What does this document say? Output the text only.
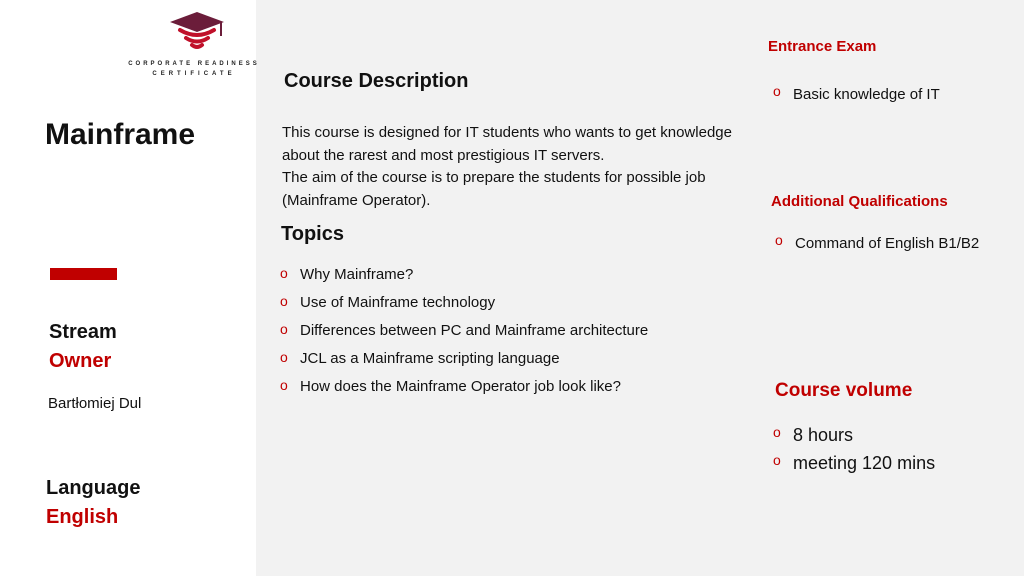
CORPORATE READINESS
CERTIFICATE
Mainframe
Stream
Owner
Bartłomiej Dul
Language
English
Course Description
This course is designed for IT students who wants to get knowledge
about the rarest and most prestigious IT servers.
The aim of the course is to prepare the students for possible job
(Mainframe Operator).
Topics
o Why Mainframe?
o Use of Mainframe technology
o Differences between PC and Mainframe architecture
o JCL as a Mainframe scripting language
o How does the Mainframe Operator job look like?
Entrance Exam
o Basic knowledge of IT
Additional Qualifications
o Command of English B1/B2
Course volume
o 8 hours
o meeting 120 mins
